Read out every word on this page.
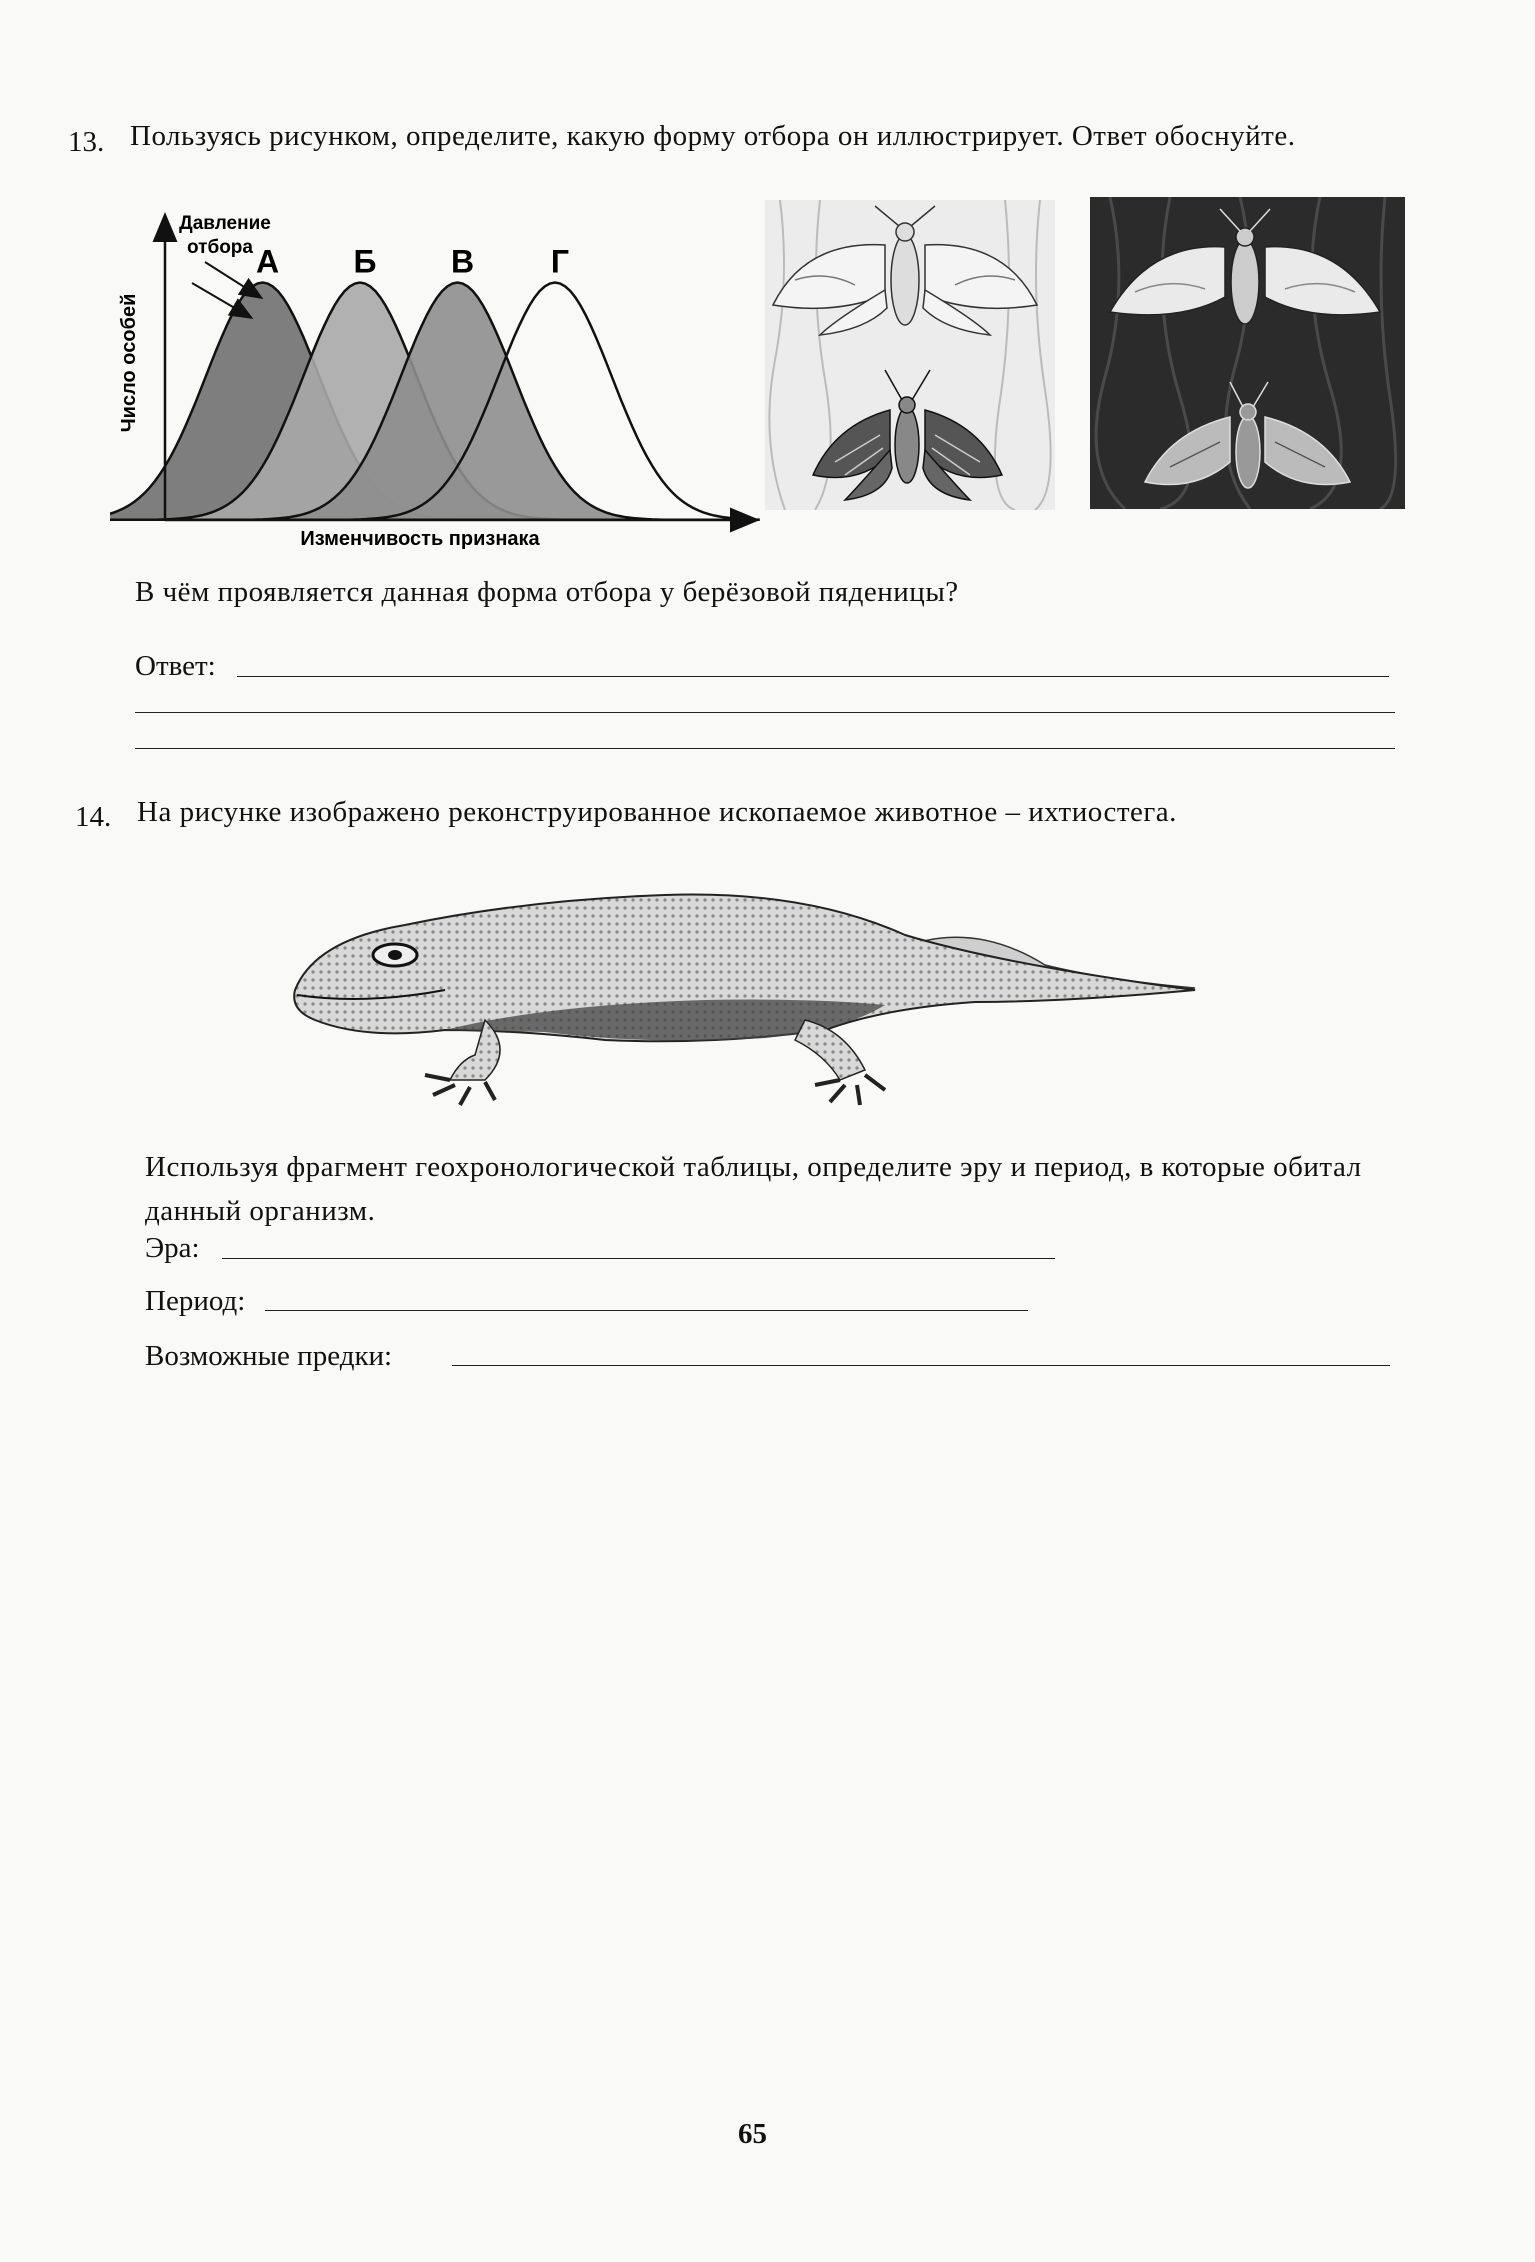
13. Пользуясь рисунком, определите, какую форму отбора он иллюстрирует. Ответ обоснуйте.
Давление отбора А Б В Г
Число особей
Изменчивость признака
В чём проявляется данная форма отбора у берёзовой пяденицы?
Ответ:
14. На рисунке изображено реконструированное ископаемое животное – ихтиостега.
Используя фрагмент геохронологической таблицы, определите эру и период, в которые обитал данный организм.
Эра:
Период:
Возможные предки:
65
